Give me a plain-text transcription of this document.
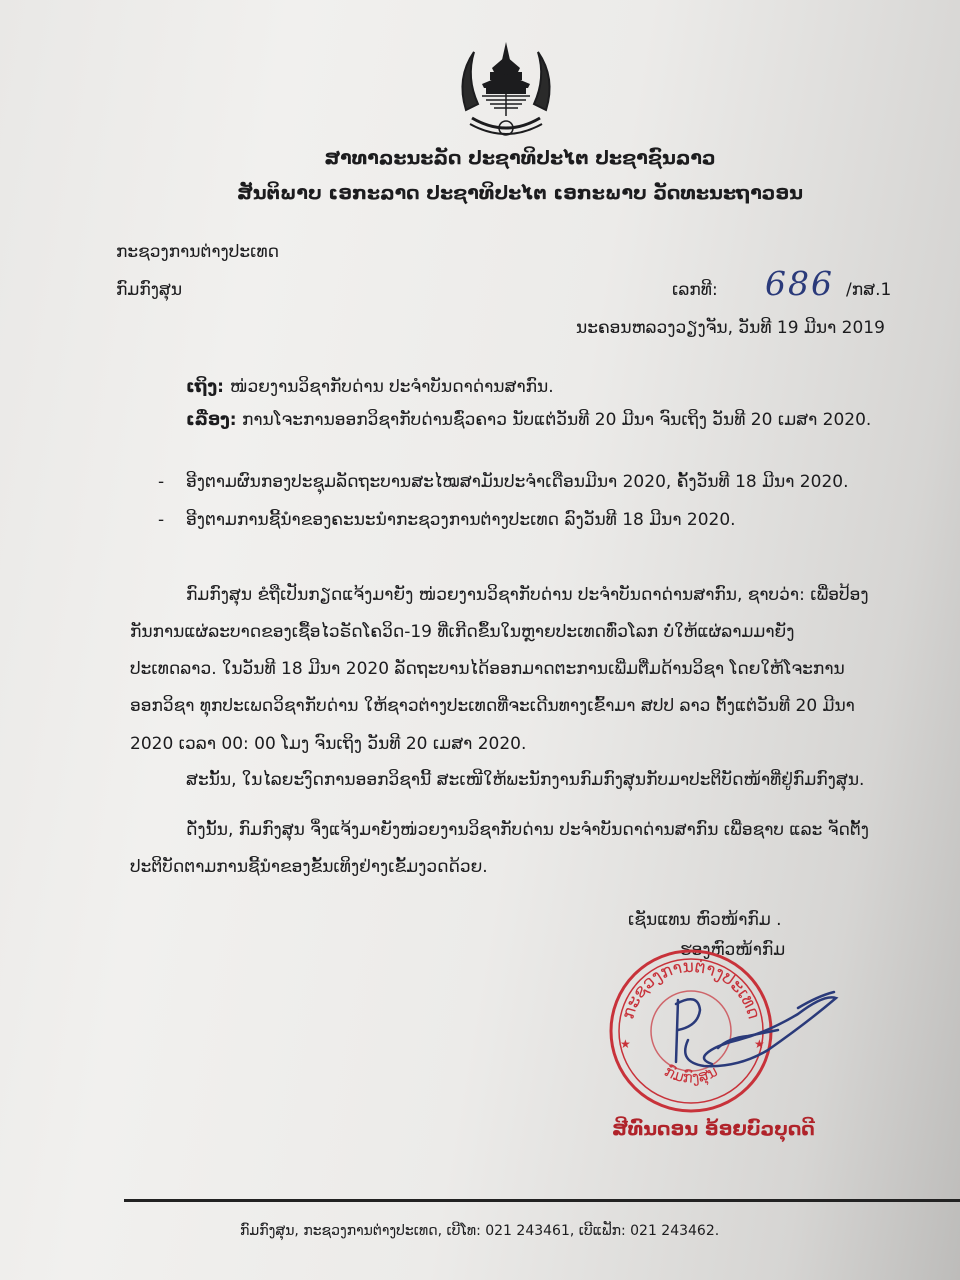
ສາທາລະນະລັດ ປະຊາທິປະໄຕ ປະຊາຊົນລາວ
ສັນຕິພາບ ເອກະລາດ ປະຊາທິປະໄຕ ເອກະພາບ ວັດທະນະຖາວອນ
ກະຊວງການຕ່າງປະເທດ
ກົມກົງສຸນ	ເລກທີ: 686 /ກສ.1
ນະຄອນຫລວງວຽງຈັນ, ວັນທີ 19 ມີນາ 2019
ເຖິງ: ໜ່ວຍງານວິຊາກັບດ່ານ ປະຈຳບັນດາດ່ານສາກົນ.
ເລື່ອງ: ການໂຈະການອອກວິຊາກັບດ່ານຊົ່ວຄາວ ນັບແຕ່ວັນທີ 20 ມີນາ ຈົນເຖິງ ວັນທີ 20 ເມສາ 2020.
- ອີງຕາມຜົນກອງປະຊຸມລັດຖະບານສະໄໝສາມັນປະຈຳເດືອນມີນາ 2020, ຄັ້ງວັນທີ 18 ມີນາ 2020.
- ອີງຕາມການຊີ້ນຳຂອງຄະນະນຳກະຊວງການຕ່າງປະເທດ ລົງວັນທີ 18 ມີນາ 2020.
ກົມກົງສຸນ ຂໍຖືເປັນກຽດແຈ້ງມາຍັງ ໜ່ວຍງານວິຊາກັບດ່ານ ປະຈຳບັນດາດ່ານສາກົນ, ຊາບວ່າ: ເພື່ອປ້ອງ
ກັນການແຜ່ລະບາດຂອງເຊື້ອໄວຣັດໂຄວິດ-19 ທີ່ເກີດຂຶ້ນໃນຫຼາຍປະເທດທົ່ວໂລກ ບໍ່ໃຫ້ແຜ່ລາມມາຍັງ
ປະເທດລາວ. ໃນວັນທີ 18 ມີນາ 2020 ລັດຖະບານໄດ້ອອກມາດຕະການເພີ່ມຕື່ມດ້ານວິຊາ ໂດຍໃຫ້ໂຈະການ
ອອກວິຊາ ທຸກປະເພດວິຊາກັບດ່ານ ໃຫ້ຊາວຕ່າງປະເທດທີ່ຈະເດີນທາງເຂົ້າມາ ສປປ ລາວ ຕັ້ງແຕ່ວັນທີ 20 ມີນາ
2020 ເວລາ 00: 00 ໂມງ ຈົນເຖິງ ວັນທີ 20 ເມສາ 2020.
ສະນັ້ນ, ໃນໄລຍະງົດການອອກວິຊານີ້ ສະເໜີໃຫ້ພະນັກງານກົມກົງສຸນກັບມາປະຕິບັດໜ້າທີ່ຢູ່ກົມກົງສຸນ.
ດັ່ງນັ້ນ, ກົມກົງສຸນ ຈຶ່ງແຈ້ງມາຍັງໜ່ວຍງານວິຊາກັບດ່ານ ປະຈຳບັນດາດ່ານສາກົນ ເພື່ອຊາບ ແລະ ຈັດຕັ້ງ
ປະຕິບັດຕາມການຊີ້ນຳຂອງຂັ້ນເທິງຢ່າງເຂັ້ມງວດດ້ວຍ.
ເຊັນແທນ ຫົວໜ້າກົມ .
ຮອງຫົວໜ້າກົມ
ກະຊວງການຕ່າງປະເທດ
ກົມກົງສຸນ
★	★
ສີທົນດອນ ອ້ອຍບົວບຸດດີ
ກົມກົງສຸນ, ກະຊວງການຕ່າງປະເທດ, ເບີໂທ: 021 243461, ເບີແຟັກ: 021 243462.
